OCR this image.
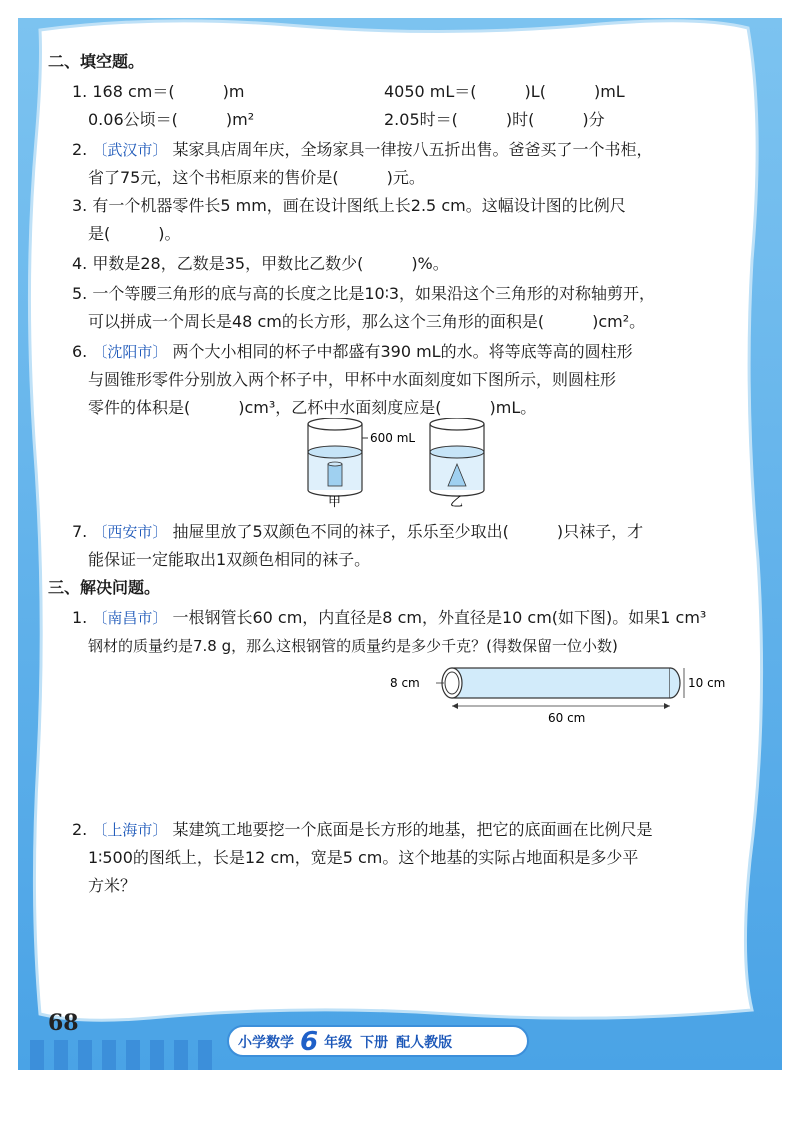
二、填空题。
1. 168 cm＝(　　　)m	4050 mL＝(　　　)L(　　　)mL
0.06公顷＝(　　　)m²	2.05时＝(　　　)时(　　　)分
2. 〔武汉市〕 某家具店周年庆，全场家具一律按八五折出售。爸爸买了一个书柜，
省了75元，这个书柜原来的售价是(　　　)元。
3. 有一个机器零件长5 mm，画在设计图纸上长2.5 cm。这幅设计图的比例尺
是(　　　)。
4. 甲数是28，乙数是35，甲数比乙数少(　　　)%。
5. 一个等腰三角形的底与高的长度之比是10∶3，如果沿这个三角形的对称轴剪开，
可以拼成一个周长是48 cm的长方形，那么这个三角形的面积是(　　　)cm²。
6. 〔沈阳市〕 两个大小相同的杯子中都盛有390 mL的水。将等底等高的圆柱形
与圆锥形零件分别放入两个杯子中，甲杯中水面刻度如下图所示，则圆柱形
零件的体积是(　　　)cm³，乙杯中水面刻度应是(　　　)mL。
600 mL
甲	乙
7. 〔西安市〕 抽屉里放了5双颜色不同的袜子，乐乐至少取出(　　　)只袜子，才
能保证一定能取出1双颜色相同的袜子。
三、解决问题。
1. 〔南昌市〕 一根钢管长60 cm，内直径是8 cm，外直径是10 cm(如下图)。如果1 cm³
钢材的质量约是7.8 g，那么这根钢管的质量约是多少千克？(得数保留一位小数)
8 cm	10 cm
60 cm
2. 〔上海市〕 某建筑工地要挖一个底面是长方形的地基，把它的底面画在比例尺是
1∶500的图纸上，长是12 cm，宽是5 cm。这个地基的实际占地面积是多少平
方米？
68
小学数学 6 年级 下册 配人教版
